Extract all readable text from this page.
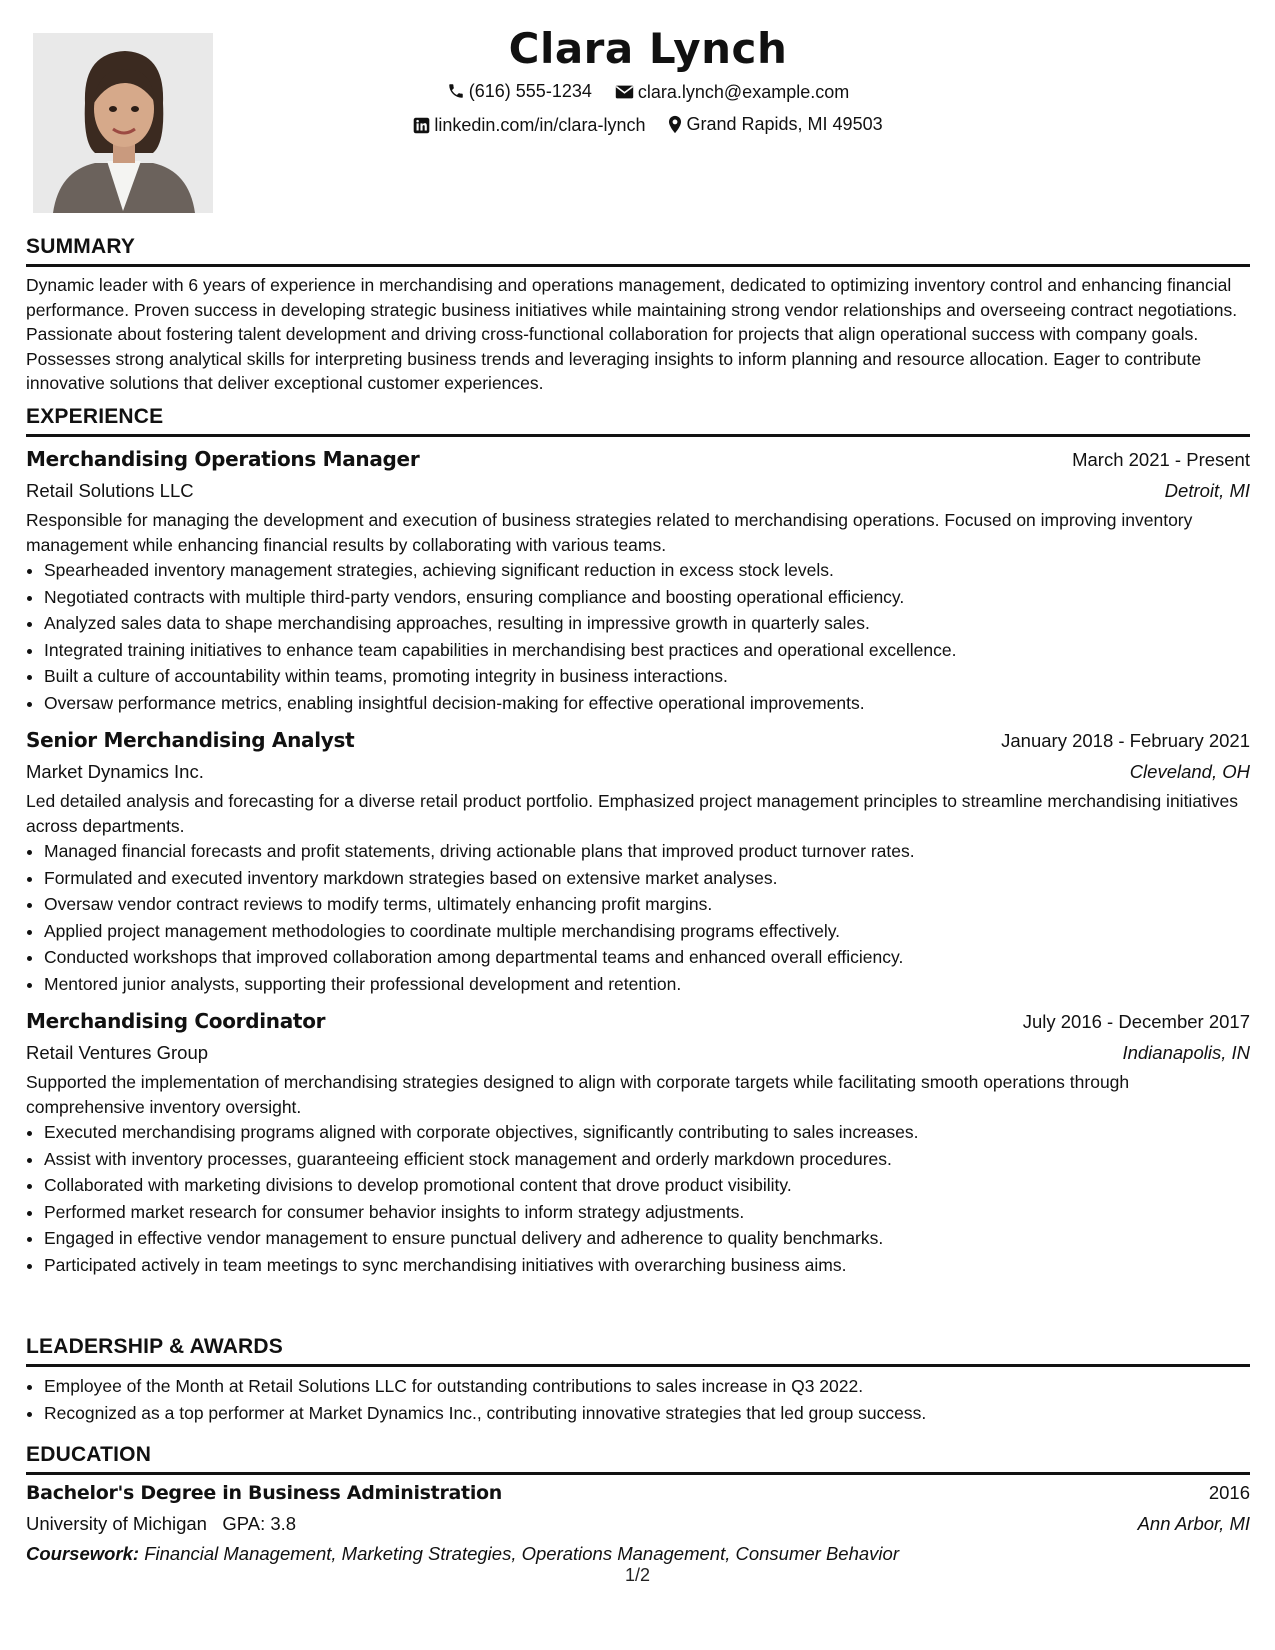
Clara Lynch
(616) 555-1234
	clara.lynch@example.com
linkedin.com/in/clara-lynch
Grand Rapids, MI 49503
SUMMARY

Dynamic leader with 6 years of experience in merchandising and operations management, dedicated to optimizing inventory control and enhancing financial performance. Proven success in developing strategic business initiatives while maintaining strong vendor relationships and overseeing contract negotiations. Passionate about fostering talent development and driving cross-functional collaboration for projects that align operational success with company goals. Possesses strong analytical skills for interpreting business trends and leveraging insights to inform planning and resource allocation. Eager to contribute innovative solutions that deliver exceptional customer experiences.

EXPERIENCE
Merchandising Operations Manager	March 2021 - Present
Retail Solutions LLC	Detroit, MI

Responsible for managing the development and execution of business strategies related to merchandising operations. Focused on improving inventory management while enhancing financial results by collaborating with various teams.

• Spearheaded inventory management strategies, achieving significant reduction in excess stock levels.
• Negotiated contracts with multiple third-party vendors, ensuring compliance and boosting operational efficiency.
• Analyzed sales data to shape merchandising approaches, resulting in impressive growth in quarterly sales.
• Integrated training initiatives to enhance team capabilities in merchandising best practices and operational excellence.
• Built a culture of accountability within teams, promoting integrity in business interactions.
• Oversaw performance metrics, enabling insightful decision-making for effective operational improvements.
Senior Merchandising Analyst	January 2018 - February 2021
Market Dynamics Inc.	Cleveland, OH

Led detailed analysis and forecasting for a diverse retail product portfolio. Emphasized project management principles to streamline merchandising initiatives across departments.

• Managed financial forecasts and profit statements, driving actionable plans that improved product turnover rates.
• Formulated and executed inventory markdown strategies based on extensive market analyses.
• Oversaw vendor contract reviews to modify terms, ultimately enhancing profit margins.
• Applied project management methodologies to coordinate multiple merchandising programs effectively.
• Conducted workshops that improved collaboration among departmental teams and enhanced overall efficiency.
• Mentored junior analysts, supporting their professional development and retention.
Merchandising Coordinator	July 2016 - December 2017
Retail Ventures Group	Indianapolis, IN

Supported the implementation of merchandising strategies designed to align with corporate targets while facilitating smooth operations through comprehensive inventory oversight.

• Executed merchandising programs aligned with corporate objectives, significantly contributing to sales increases.
• Assist with inventory processes, guaranteeing efficient stock management and orderly markdown procedures.
• Collaborated with marketing divisions to develop promotional content that drove product visibility.
• Performed market research for consumer behavior insights to inform strategy adjustments.
• Engaged in effective vendor management to ensure punctual delivery and adherence to quality benchmarks.
• Participated actively in team meetings to sync merchandising initiatives with overarching business aims.
LEADERSHIP & AWARDS
• Employee of the Month at Retail Solutions LLC for outstanding contributions to sales increase in Q3 2022.
• Recognized as a top performer at Market Dynamics Inc., contributing innovative strategies that led group success.
EDUCATION
Bachelor's Degree in Business Administration	2016
University of Michigan GPA: 3.8	Ann Arbor, MI
Coursework: Financial Management, Marketing Strategies, Operations Management, Consumer Behavior
1/2
